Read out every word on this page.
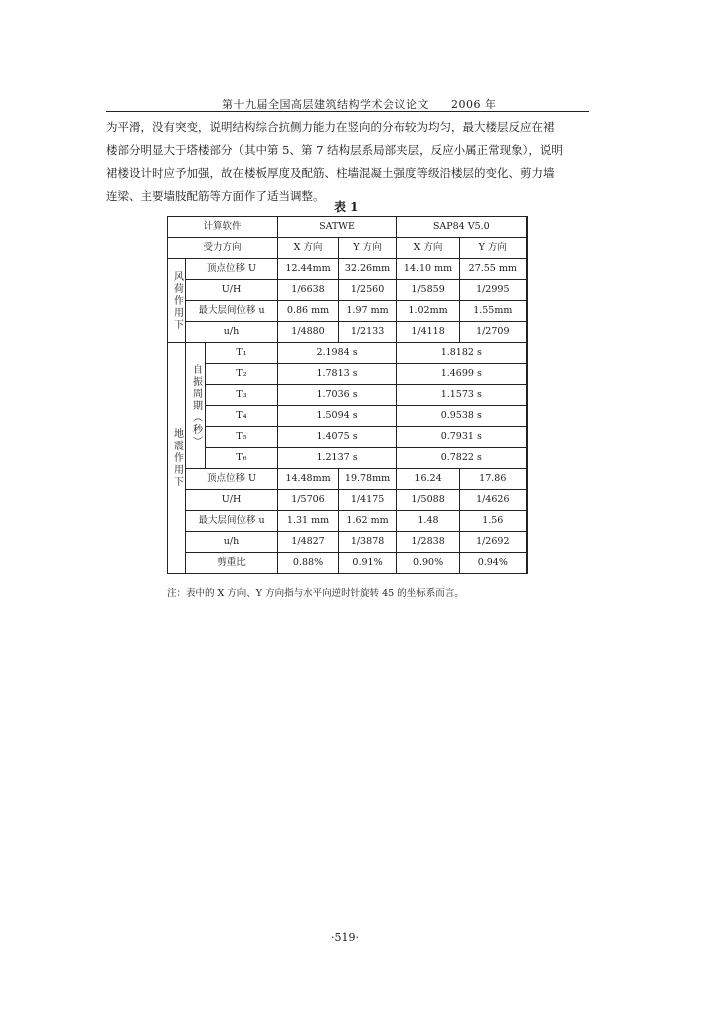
第十九届全国高层建筑结构学术会议论文 2006 年

为平滑，没有突变，说明结构综合抗侧力能力在竖向的分布较为均匀，最大楼层反应在裙

楼部分明显大于塔楼部分（其中第 5、第 7 结构层系局部夹层，反应小属正常现象），说明

裙楼设计时应予加强，故在楼板厚度及配筋、柱墙混凝土强度等级沿楼层的变化、剪力墙

连梁、主要墙肢配筋等方面作了适当调整。

表 1
计算软件			SATWE		SAP84 V5.0	
受力方向			X 方向	Y 方向	X 方向	Y 方向
风荷作用下	顶点位移 U		12.44mm	32.26mm	14.10 mm	27.55 mm
	U/H		1/6638	1/2560	1/5859	1/2995
	最大层间位移 u		0.86 mm	1.97 mm	1.02mm	1.55mm
	u/h		1/4880	1/2133	1/4118	1/2709
地震作用下	自振周期（秒）	T₁	2.1984 s		1.8182 s	
		T₂	1.7813 s		1.4699 s	
		T₃	1.7036 s		1.1573 s	
		T₄	1.5094 s		0.9538 s	
		T₅	1.4075 s		0.7931 s	
		T₆	1.2137 s		0.7822 s	
	顶点位移 U		14.48mm	19.78mm	16.24	17.86
	U/H		1/5706	1/4175	1/5088	1/4626
	最大层间位移 u		1.31 mm	1.62 mm	1.48	1.56
	u/h		1/4827	1/3878	1/2838	1/2692
	剪重比		0.88%	0.91%	0.90%	0.94%
注：表中的 X 方向、Y 方向指与水平向逆时针旋转 45 的坐标系而言。
·519·
